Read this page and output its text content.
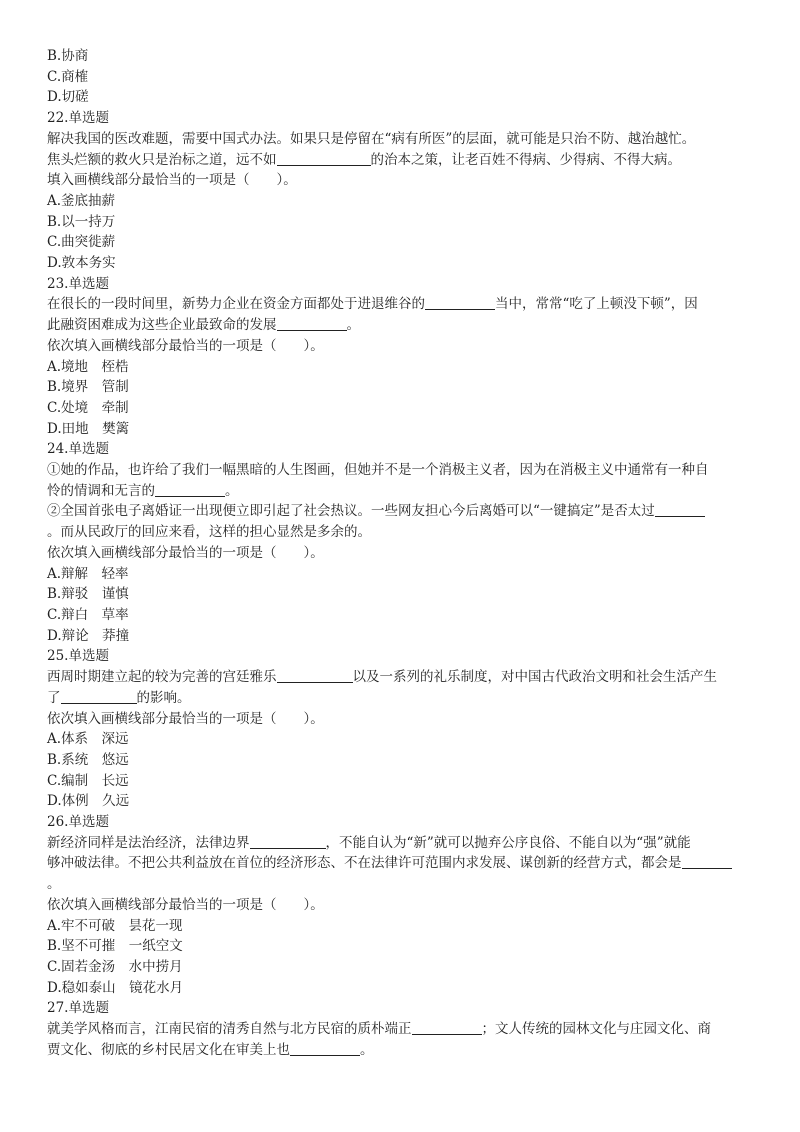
B.协商
C.商榷
D.切磋
22.单选题
解决我国的医改难题，需要中国式办法。如果只是停留在“病有所医”的层面，就可能是只治不防、越治越忙。
焦头烂额的救火只是治标之道，远不如	的治本之策，让老百姓不得病、少得病、不得大病。
填入画横线部分最恰当的一项是（　　）。
A.釜底抽薪
B.以一持万
C.曲突徙薪
D.敦本务实
23.单选题
在很长的一段时间里，新势力企业在资金方面都处于进退维谷的	当中，常常“吃了上顿没下顿”，因
此融资困难成为这些企业最致命的发展	。
依次填入画横线部分最恰当的一项是（　　）。
A.境地　桎梏
B.境界　管制
C.处境　牵制
D.田地　樊篱
24.单选题
①她的作品，也许给了我们一幅黑暗的人生图画，但她并不是一个消极主义者，因为在消极主义中通常有一种自
怜的情调和无言的	。
②全国首张电子离婚证一出现便立即引起了社会热议。一些网友担心今后离婚可以“一键搞定”是否太过
。而从民政厅的回应来看，这样的担心显然是多余的。
依次填入画横线部分最恰当的一项是（　　）。
A.辩解　轻率
B.辩驳　谨慎
C.辩白　草率
D.辩论　莽撞
25.单选题
西周时期建立起的较为完善的宫廷雅乐	以及一系列的礼乐制度，对中国古代政治文明和社会生活产生
了	的影响。
依次填入画横线部分最恰当的一项是（　　）。
A.体系　深远
B.系统　悠远
C.编制　长远
D.体例　久远
26.单选题
新经济同样是法治经济，法律边界	，不能自认为“新”就可以抛弃公序良俗、不能自以为“强”就能
够冲破法律。不把公共利益放在首位的经济形态、不在法律许可范围内求发展、谋创新的经营方式，都会是
。
依次填入画横线部分最恰当的一项是（　　）。
A.牢不可破　昙花一现
B.坚不可摧　一纸空文
C.固若金汤　水中捞月
D.稳如泰山　镜花水月
27.单选题
就美学风格而言，江南民宿的清秀自然与北方民宿的质朴端正	；文人传统的园林文化与庄园文化、商
贾文化、彻底的乡村民居文化在审美上也	。
